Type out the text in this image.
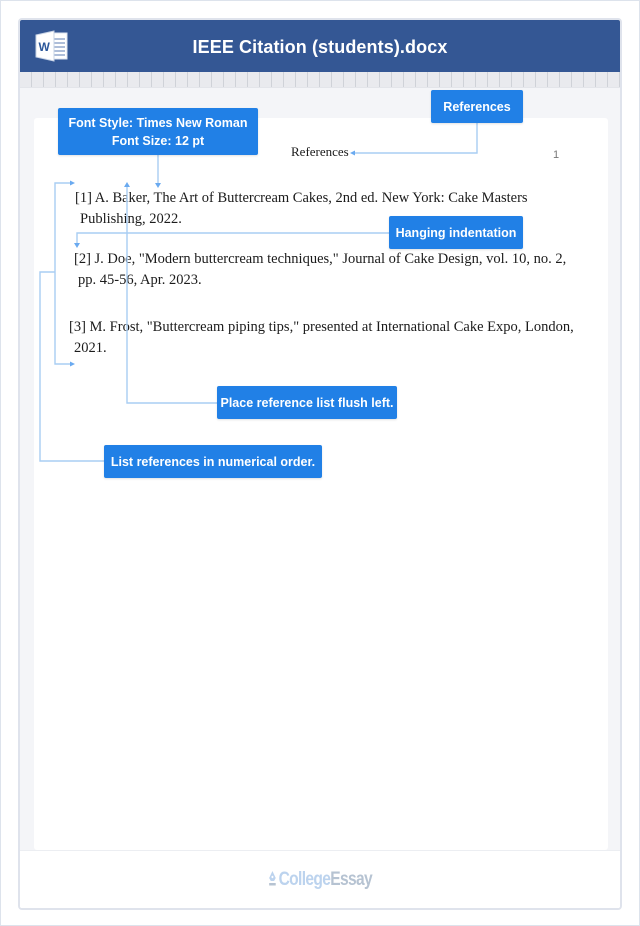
W	IEEE Citation (students).docx
CollegeEssay
References	1
[1] A. Baker, The Art of Buttercream Cakes, 2nd ed. New York: Cake Masters
Publishing, 2022.
[2] J. Doe, "Modern buttercream techniques," Journal of Cake Design, vol. 10, no. 2,
pp. 45-56, Apr. 2023.
[3] M. Frost, "Buttercream piping tips," presented at International Cake Expo, London,
2021.
Font Style: Times New Roman
Font Size: 12 pt
References
Hanging indentation
Place reference list flush left.
List references in numerical order.
